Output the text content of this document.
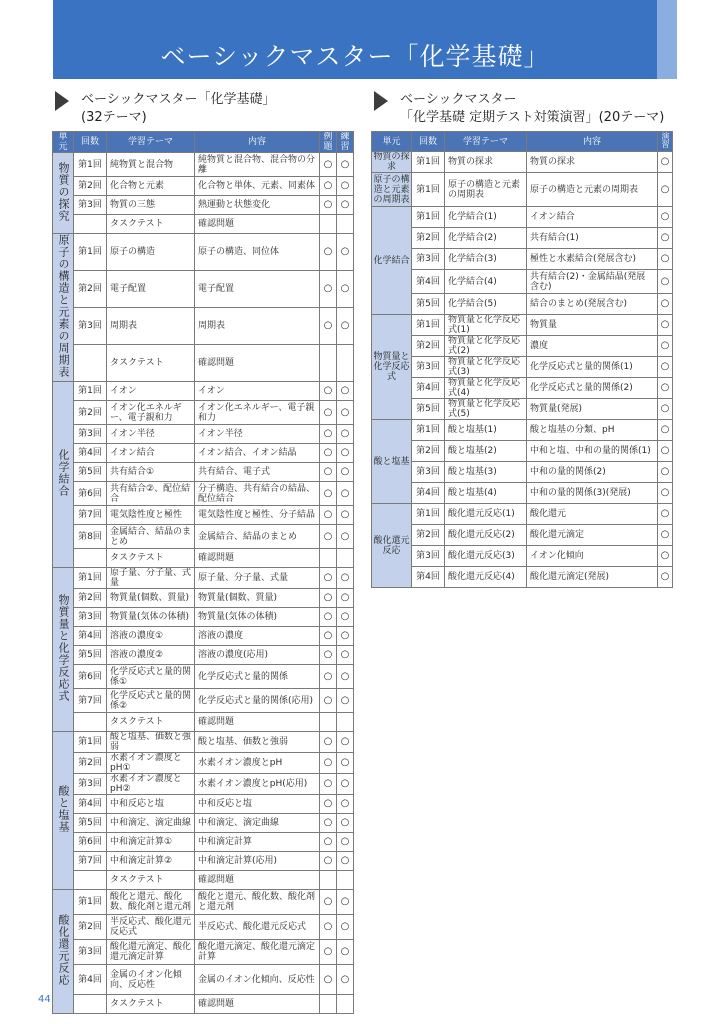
ベーシックマスター「化学基礎」
ベーシックマスター「化学基礎」
(32テーマ)
ベーシックマスター
「化学基礎 定期テスト対策演習」(20テーマ)
単元	回数	学習テーマ	内容	例題	練習
物質の探究	第1回	純物質と混合物	純物質と混合物、混合物の分離	○	○
	第2回	化合物と元素	化合物と単体、元素、同素体	○	○
	第3回	物質の三態	熱運動と状態変化	○	○
		タスクテスト	確認問題		
原子の構造と元素の周期表	第1回	原子の構造	原子の構造、同位体	○	○
	第2回	電子配置	電子配置	○	○
	第3回	周期表	周期表	○	○
		タスクテスト	確認問題		
化学結合	第1回	イオン	イオン	○	○
	第2回	イオン化エネルギー、電子親和力	イオン化エネルギー、電子親和力	○	○
	第3回	イオン半径	イオン半径	○	○
	第4回	イオン結合	イオン結合、イオン結晶	○	○
	第5回	共有結合①	共有結合、電子式	○	○
	第6回	共有結合②、配位結合	分子構造、共有結合の結晶、配位結合	○	○
	第7回	電気陰性度と極性	電気陰性度と極性、分子結晶	○	○
	第8回	金属結合、結晶のまとめ	金属結合、結晶のまとめ	○	○
		タスクテスト	確認問題		
物質量と化学反応式	第1回	原子量、分子量、式量	原子量、分子量、式量	○	○
	第2回	物質量(個数、質量)	物質量(個数、質量)	○	○
	第3回	物質量(気体の体積)	物質量(気体の体積)	○	○
	第4回	溶液の濃度①	溶液の濃度	○	○
	第5回	溶液の濃度②	溶液の濃度(応用)	○	○
	第6回	化学反応式と量的関係①	化学反応式と量的関係	○	○
	第7回	化学反応式と量的関係②	化学反応式と量的関係(応用)	○	○
		タスクテスト	確認問題		
酸と塩基	第1回	酸と塩基、価数と強弱	酸と塩基、価数と強弱	○	○
	第2回	水素イオン濃度とpH①	水素イオン濃度とpH	○	○
	第3回	水素イオン濃度とpH②	水素イオン濃度とpH(応用)	○	○
	第4回	中和反応と塩	中和反応と塩	○	○
	第5回	中和滴定、滴定曲線	中和滴定、滴定曲線	○	○
	第6回	中和滴定計算①	中和滴定計算	○	○
	第7回	中和滴定計算②	中和滴定計算(応用)	○	○
		タスクテスト	確認問題		
酸化還元反応	第1回	酸化と還元、酸化数、酸化剤と還元剤	酸化と還元、酸化数、酸化剤と還元剤	○	○
	第2回	半反応式、酸化還元反応式	半反応式、酸化還元反応式	○	○
	第3回	酸化還元滴定、酸化還元滴定計算	酸化還元滴定、酸化還元滴定計算	○	○
	第4回	金属のイオン化傾向、反応性	金属のイオン化傾向、反応性	○	○
		タスクテスト	確認問題		
単元	回数	学習テーマ	内容	演習

物質の探求	第1回	物質の探求	物質の探求	○

原子の構造と元素の周期表	第1回	原子の構造と元素の周期表	原子の構造と元素の周期表	○

化学結合	第1回	化学結合(1)	イオン結合	○
	第2回	化学結合(2)	共有結合(1)	○
	第3回	化学結合(3)	極性と水素結合(発展含む)	○
	第4回	化学結合(4)	共有結合(2)・金属結晶(発展含む)	○
	第5回	化学結合(5)	結合のまとめ(発展含む)	○

物質量と化学反応式	第1回	物質量と化学反応式(1)	物質量	○
	第2回	物質量と化学反応式(2)	濃度	○
	第3回	物質量と化学反応式(3)	化学反応式と量的関係(1)	○
	第4回	物質量と化学反応式(4)	化学反応式と量的関係(2)	○
	第5回	物質量と化学反応式(5)	物質量(発展)	○

酸と塩基	第1回	酸と塩基(1)	酸と塩基の分類、pH	○
	第2回	酸と塩基(2)	中和と塩、中和の量的関係(1)	○
	第3回	酸と塩基(3)	中和の量的関係(2)	○
	第4回	酸と塩基(4)	中和の量的関係(3)(発展)	○

酸化還元反応	第1回	酸化還元反応(1)	酸化還元	○
	第2回	酸化還元反応(2)	酸化還元滴定	○
	第3回	酸化還元反応(3)	イオン化傾向	○
	第4回	酸化還元反応(4)	酸化還元滴定(発展)	○
44
